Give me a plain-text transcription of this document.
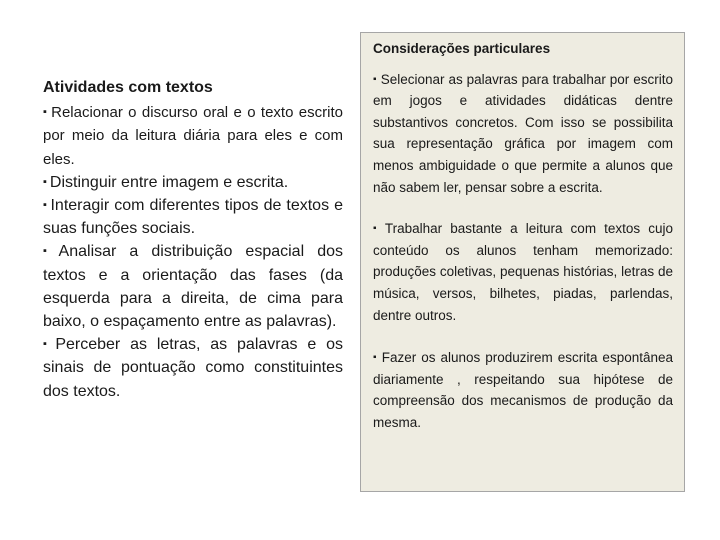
Atividades com textos
▪ Relacionar o discurso oral e o texto escrito por meio da leitura diária para eles e com eles.
▪ Distinguir entre imagem e escrita.
▪ Interagir com diferentes tipos de textos e suas funções sociais.
▪ Analisar a distribuição espacial dos textos e a orientação das fases (da esquerda para a direita, de cima para baixo, o espaçamento entre as palavras).
▪ Perceber as letras, as palavras e os sinais de pontuação como constituintes dos textos.
Considerações particulares
▪ Selecionar as palavras para trabalhar por escrito em jogos e atividades didáticas dentre substantivos concretos. Com isso se possibilita sua representação gráfica por imagem com menos ambiguidade o que permite a alunos que não sabem ler, pensar sobre a escrita.
▪ Trabalhar bastante a leitura com textos cujo conteúdo os alunos tenham memorizado: produções coletivas, pequenas histórias, letras de música, versos, bilhetes, piadas, parlendas, dentre outros.
▪ Fazer os alunos produzirem escrita espontânea diariamente , respeitando sua hipótese de compreensão dos mecanismos de produção da mesma.
